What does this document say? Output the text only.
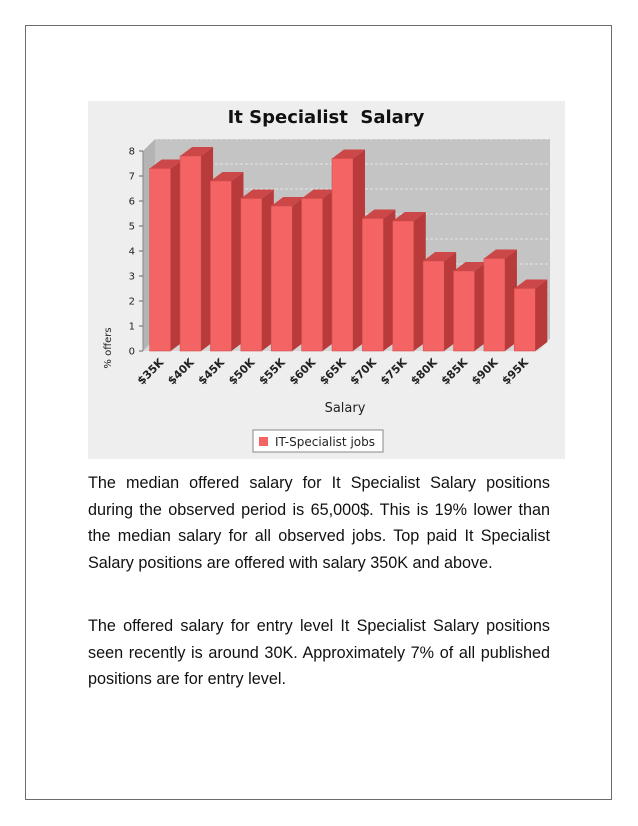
It Specialist  Salary
0
1
2
3
4
5
6
7
8
% offers
$35K
$40K
$45K
$50K
$55K
$60K
$65K
$70K
$75K
$80K
$85K
$90K
$95K
Salary
IT-Specialist jobs

The median offered salary for It Specialist Salary positions during the observed period is 65,000$. This is 19% lower than the median salary for all observed jobs. Top paid It Specialist Salary positions are offered with salary 350K and above.

The offered salary for entry level It Specialist Salary positions seen recently is around 30K. Approximately 7% of all published positions are for entry level.
